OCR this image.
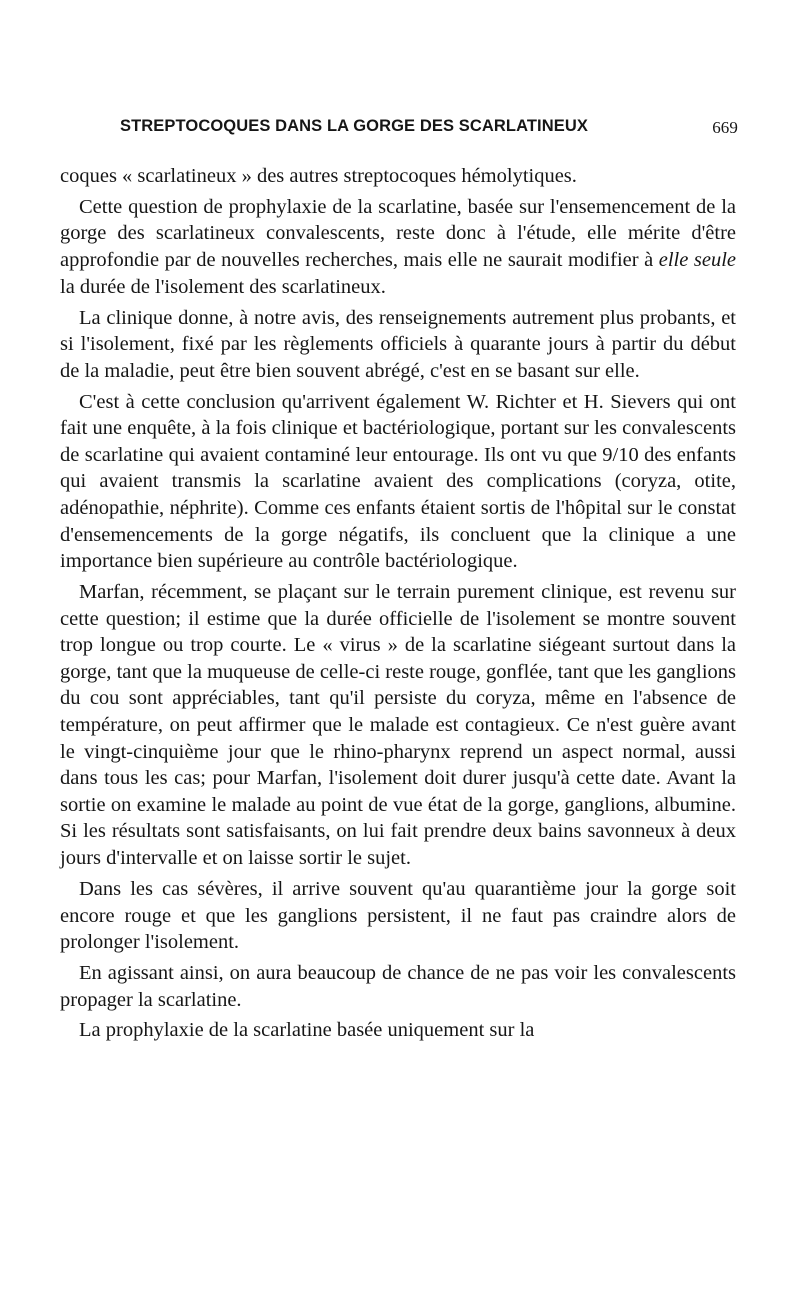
STREPTOCOQUES DANS LA GORGE DES SCARLATINEUX	669

coques « scarlatineux » des autres streptocoques hémolytiques.

Cette question de prophylaxie de la scarlatine, basée sur l'ensemencement de la gorge des scarlatineux convalescents, reste donc à l'étude, elle mérite d'être approfondie par de nouvelles recherches, mais elle ne saurait modifier à elle seule la durée de l'isolement des scarlatineux.

La clinique donne, à notre avis, des renseignements autrement plus probants, et si l'isolement, fixé par les règlements officiels à quarante jours à partir du début de la maladie, peut être bien souvent abrégé, c'est en se basant sur elle.

C'est à cette conclusion qu'arrivent également W. Richter et H. Sievers qui ont fait une enquête, à la fois clinique et bactériologique, portant sur les convalescents de scarlatine qui avaient contaminé leur entourage. Ils ont vu que 9/10 des enfants qui avaient transmis la scarlatine avaient des complications (coryza, otite, adénopathie, néphrite). Comme ces enfants étaient sortis de l'hôpital sur le constat d'ensemencements de la gorge négatifs, ils concluent que la clinique a une importance bien supérieure au contrôle bactériologique.

Marfan, récemment, se plaçant sur le terrain purement clinique, est revenu sur cette question; il estime que la durée officielle de l'isolement se montre souvent trop longue ou trop courte. Le « virus » de la scarlatine siégeant surtout dans la gorge, tant que la muqueuse de celle-ci reste rouge, gonflée, tant que les ganglions du cou sont appréciables, tant qu'il persiste du coryza, même en l'absence de température, on peut affirmer que le malade est contagieux. Ce n'est guère avant le vingt-cinquième jour que le rhino-pharynx reprend un aspect normal, aussi dans tous les cas; pour Marfan, l'isolement doit durer jusqu'à cette date. Avant la sortie on examine le malade au point de vue état de la gorge, ganglions, albumine. Si les résultats sont satisfaisants, on lui fait prendre deux bains savonneux à deux jours d'intervalle et on laisse sortir le sujet.

Dans les cas sévères, il arrive souvent qu'au quarantième jour la gorge soit encore rouge et que les ganglions persistent, il ne faut pas craindre alors de prolonger l'isolement.

En agissant ainsi, on aura beaucoup de chance de ne pas voir les convalescents propager la scarlatine.

La prophylaxie de la scarlatine basée uniquement sur la
